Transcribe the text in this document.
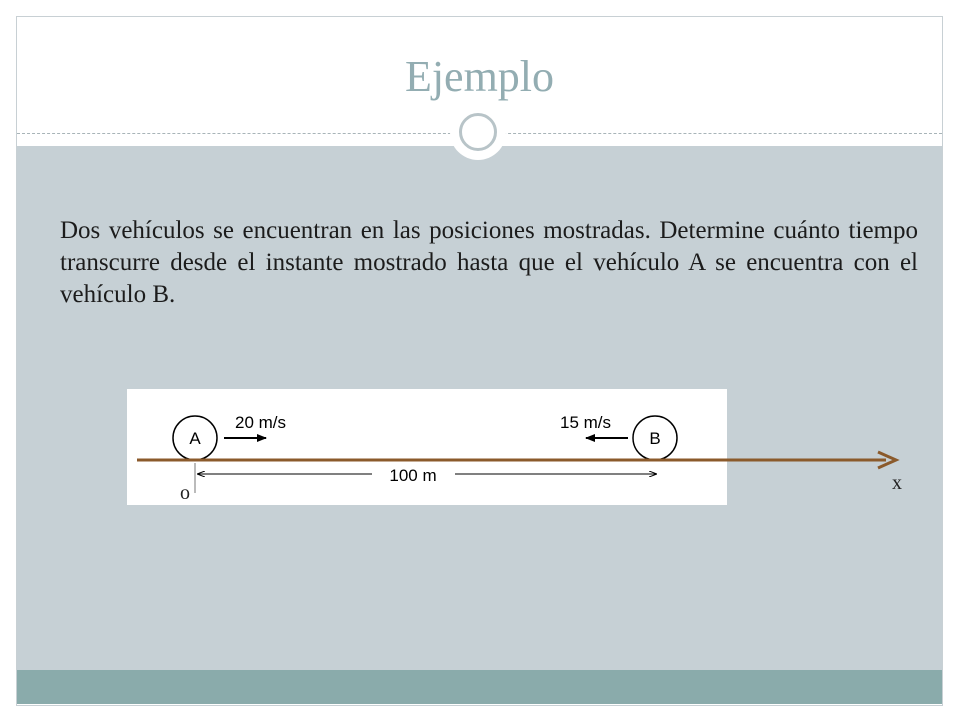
Ejemplo
Dos vehículos se encuentran en las posiciones mostradas. Determine cuánto tiempo transcurre desde el instante mostrado hasta que el vehículo A se encuentra con el vehículo B.
A
20 m/s
B
15 m/s
100 m
o	x
